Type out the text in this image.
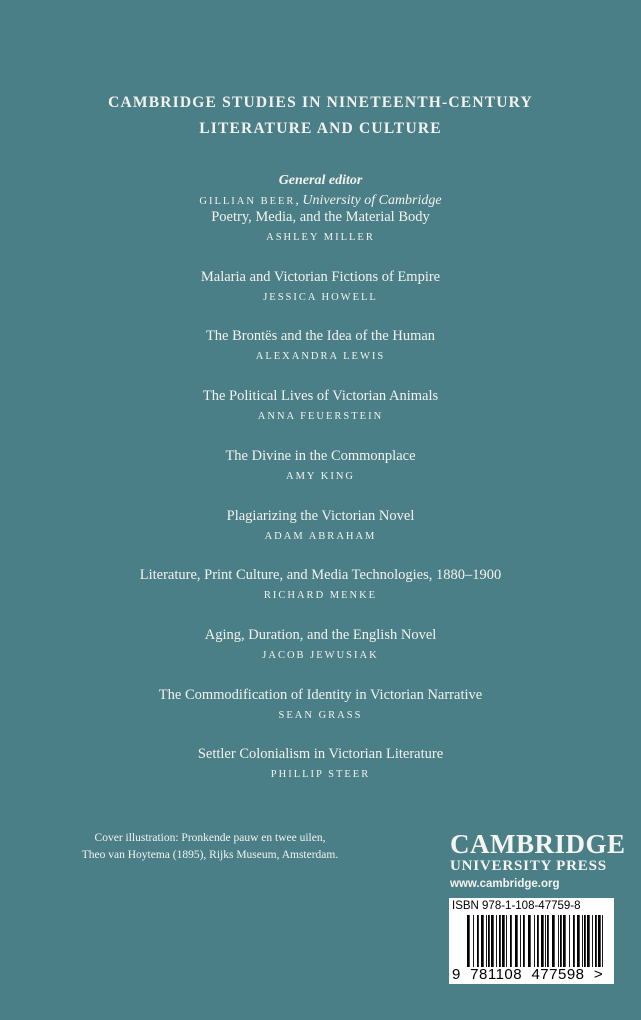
CAMBRIDGE STUDIES IN NINETEENTH-CENTURY
LITERATURE AND CULTURE
General editor
GILLIAN BEER, University of Cambridge
Poetry, Media, and the Material Body
ASHLEY MILLER
Malaria and Victorian Fictions of Empire
JESSICA HOWELL
The Brontës and the Idea of the Human
ALEXANDRA LEWIS
The Political Lives of Victorian Animals
ANNA FEUERSTEIN
The Divine in the Commonplace
AMY KING
Plagiarizing the Victorian Novel
ADAM ABRAHAM
Literature, Print Culture, and Media Technologies, 1880–1900
RICHARD MENKE
Aging, Duration, and the English Novel
JACOB JEWUSIAK
The Commodification of Identity in Victorian Narrative
SEAN GRASS
Settler Colonialism in Victorian Literature
PHILLIP STEER
Cover illustration: Pronkende pauw en twee uilen,
Theo van Hoytema (1895), Rijks Museum, Amsterdam.	CAMBRIDGE
UNIVERSITY PRESS
www.cambridge.org
ISBN 978-1-108-47759-8
9  781108  477598  >
